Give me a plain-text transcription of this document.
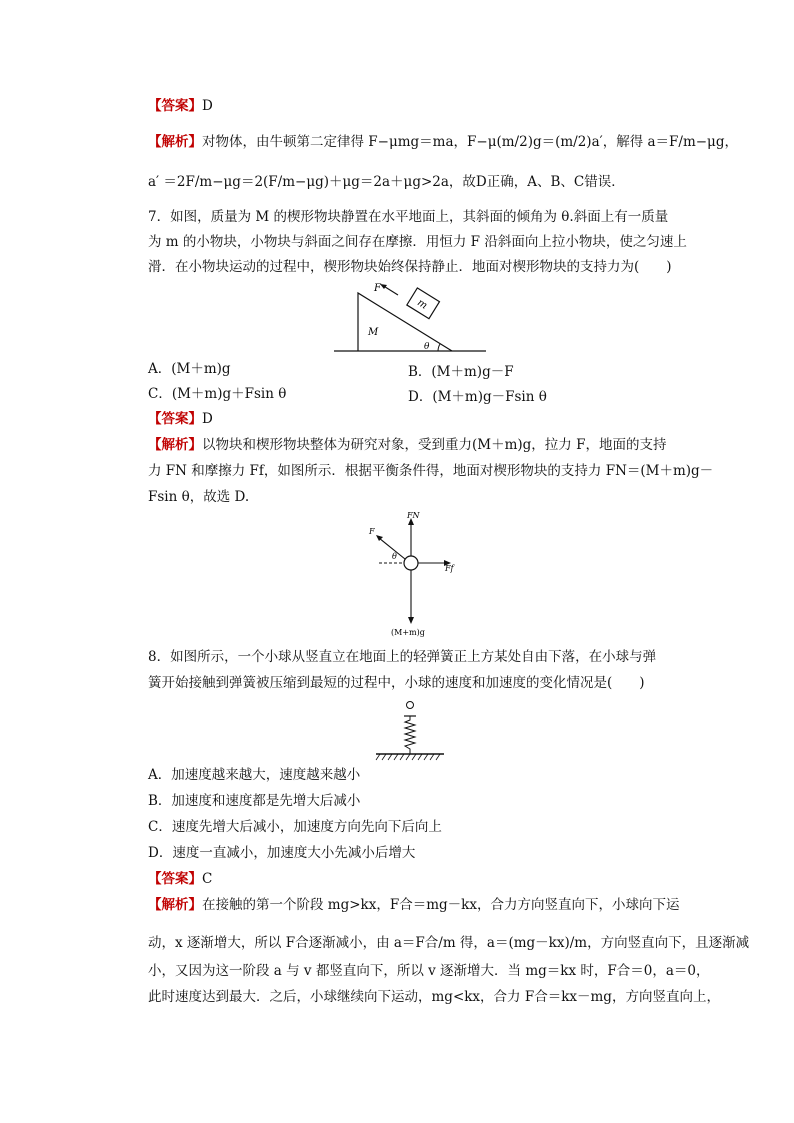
【答案】D
【解析】对物体，由牛顿第二定律得 F−μmg＝ma，F−μ(m/2)g＝(m/2)a′，解得 a＝F/m−μg，
a′ ＝2F/m−μg＝2(F/m−μg)＋μg＝2a＋μg>2a，故D正确，A、B、C错误．
7．如图，质量为 M 的楔形物块静置在水平地面上，其斜面的倾角为 θ.斜面上有一质量
为 m 的小物块，小物块与斜面之间存在摩擦．用恒力 F 沿斜面向上拉小物块，使之匀速上
滑．在小物块运动的过程中，楔形物块始终保持静止．地面对楔形物块的支持力为(　　)
m
F
M
θ
A．(M＋m)g	B．(M＋m)g－F
C．(M＋m)g＋Fsin θ	D．(M＋m)g－Fsin θ
【答案】D
【解析】以物块和楔形物块整体为研究对象，受到重力(M＋m)g，拉力 F，地面的支持
力 FN 和摩擦力 Ff，如图所示．根据平衡条件得，地面对楔形物块的支持力 FN＝(M＋m)g－
Fsin θ，故选 D.
FN
(M+m)g
Ff
F
θ
8．如图所示，一个小球从竖直立在地面上的轻弹簧正上方某处自由下落，在小球与弹
簧开始接触到弹簧被压缩到最短的过程中，小球的速度和加速度的变化情况是(　　)
A．加速度越来越大，速度越来越小
B．加速度和速度都是先增大后减小
C．速度先增大后减小，加速度方向先向下后向上
D．速度一直减小，加速度大小先减小后增大
【答案】C
【解析】在接触的第一个阶段 mg>kx，F合＝mg－kx，合力方向竖直向下，小球向下运
动，x 逐渐增大，所以 F合逐渐减小，由 a＝F合/m 得，a＝(mg－kx)/m，方向竖直向下，且逐渐减
小，又因为这一阶段 a 与 v 都竖直向下，所以 v 逐渐增大．当 mg＝kx 时，F合＝0，a＝0，
此时速度达到最大．之后，小球继续向下运动，mg<kx，合力 F合＝kx－mg，方向竖直向上，
